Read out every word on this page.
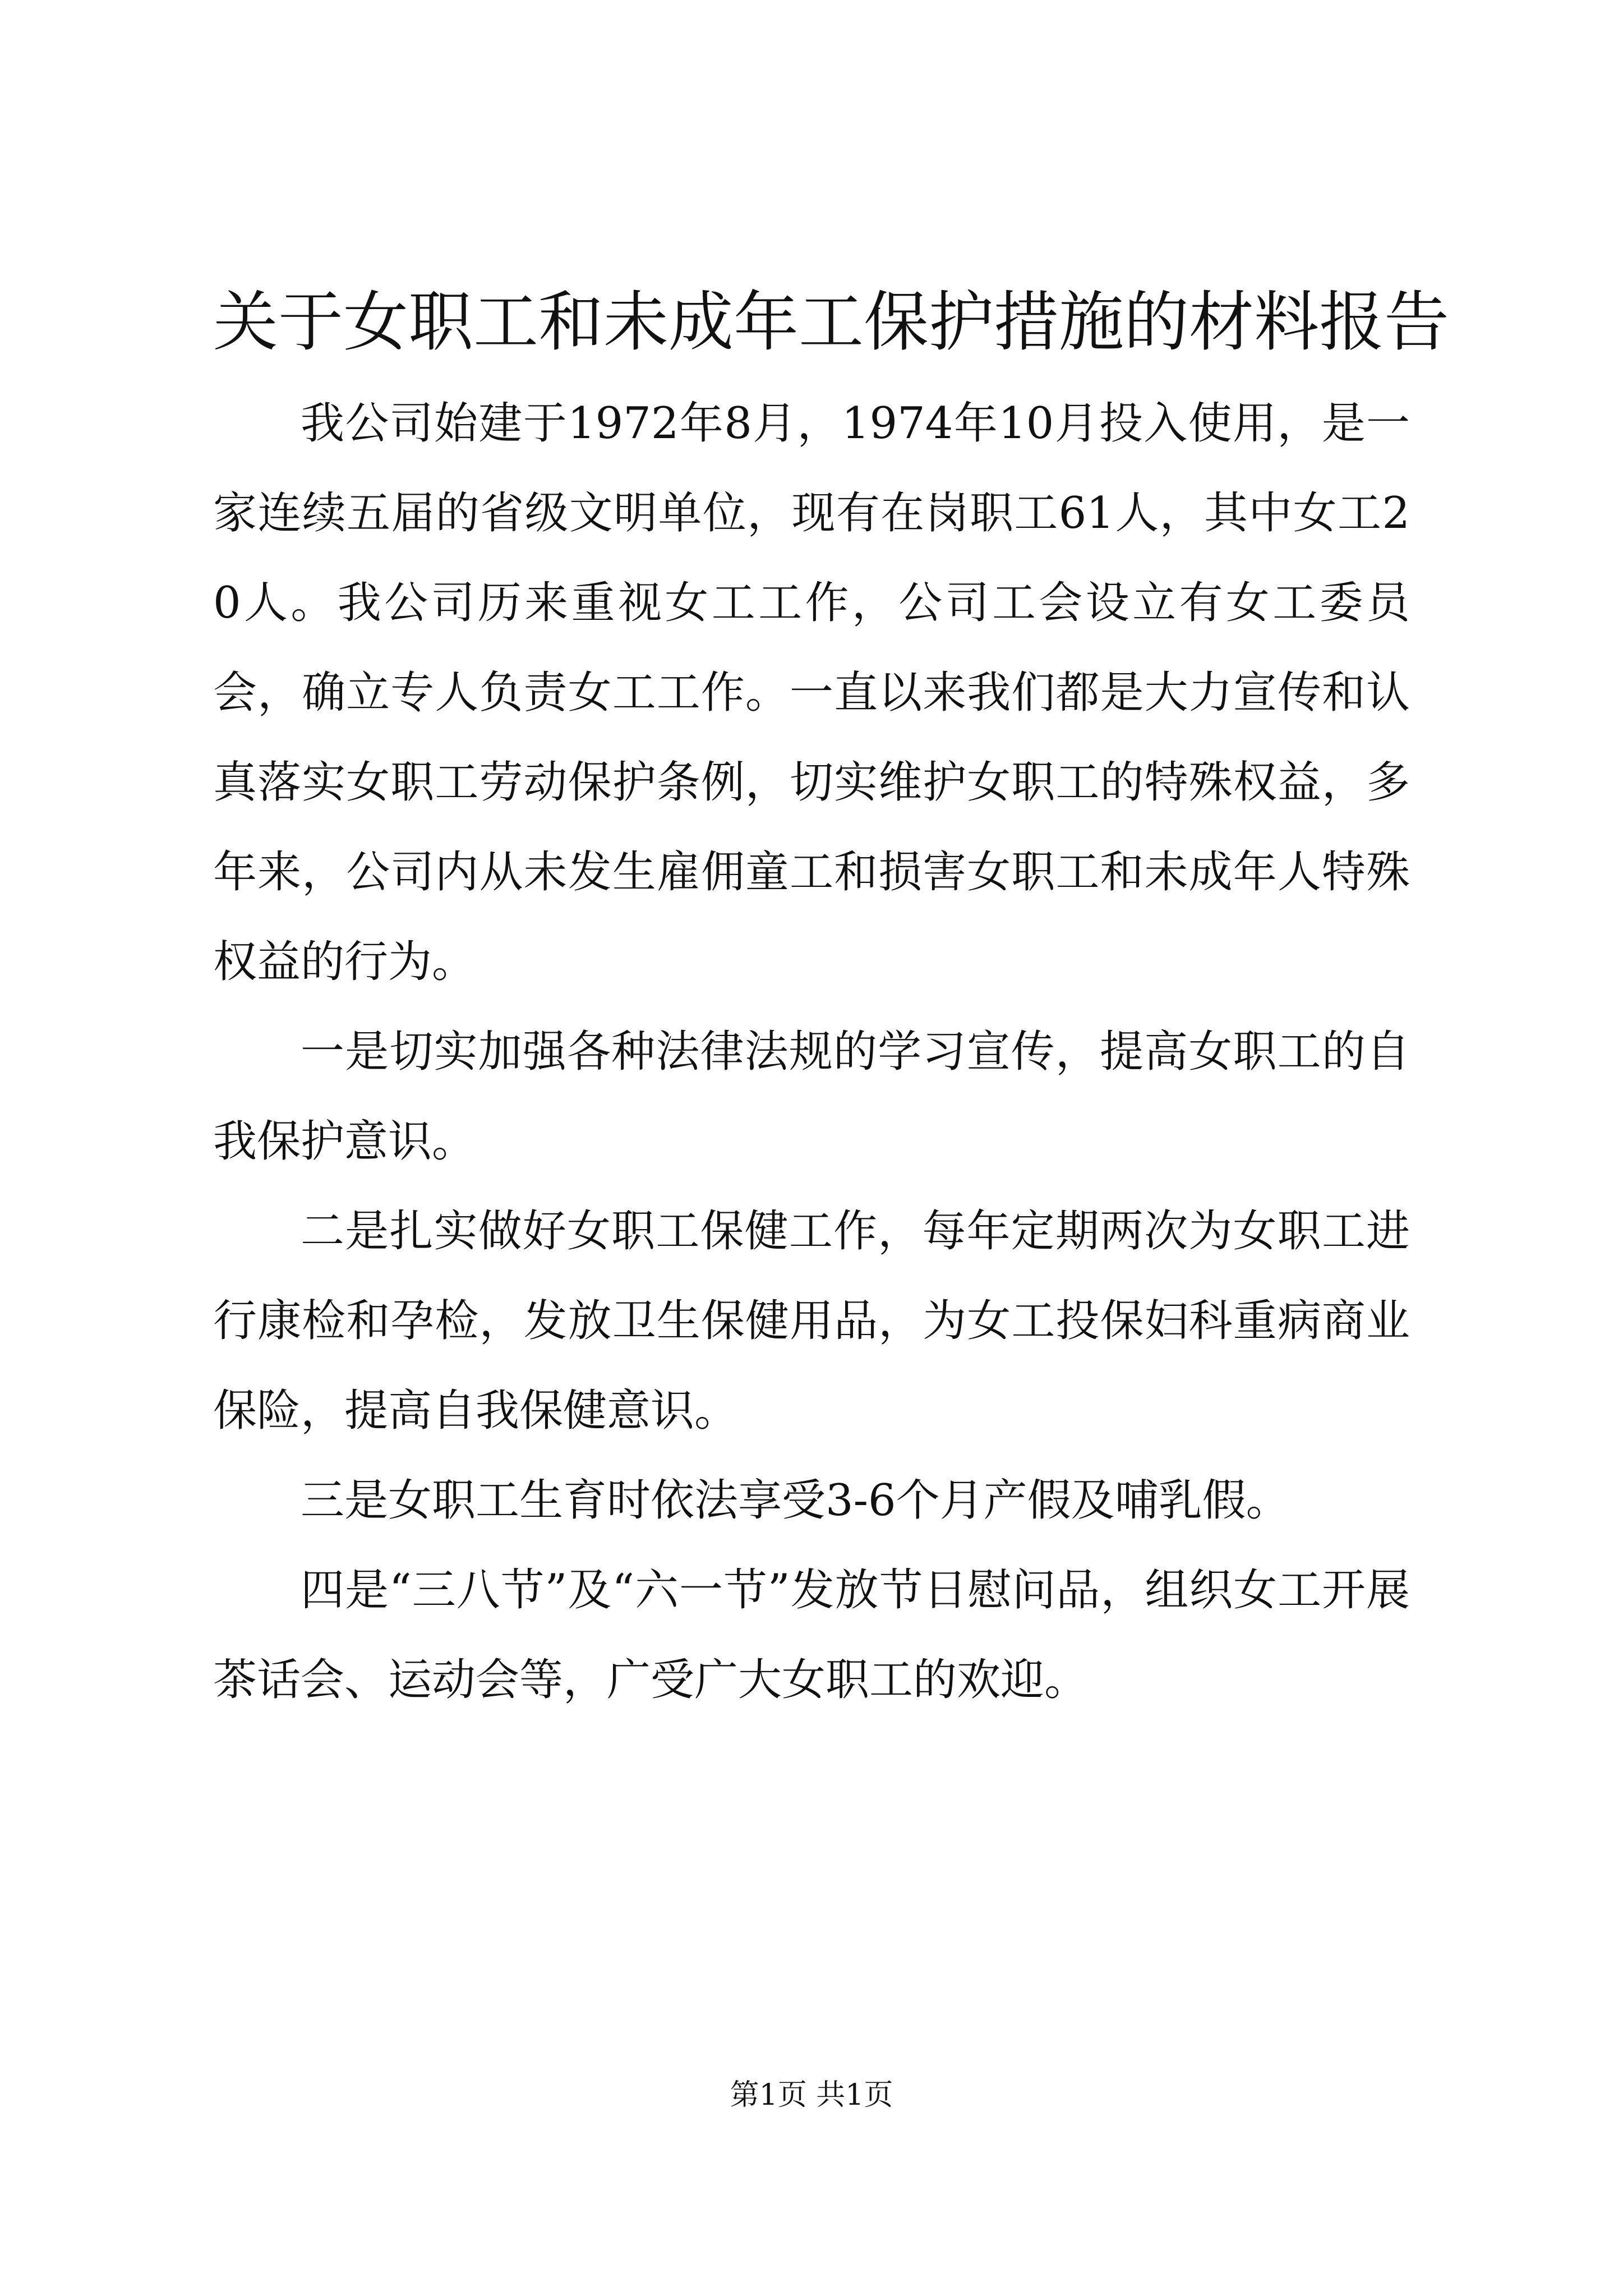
关于女职工和未成年工保护措施的材料报告

我公司始建于1972年8月，1974年10月投入使用，是一家连续五届的省级文明单位，现有在岗职工61人，其中女工20人。我公司历来重视女工工作，公司工会设立有女工委员会，确立专人负责女工工作。一直以来我们都是大力宣传和认真落实女职工劳动保护条例，切实维护女职工的特殊权益，多年来，公司内从未发生雇佣童工和损害女职工和未成年人特殊权益的行为。

一是切实加强各种法律法规的学习宣传，提高女职工的自我保护意识。

二是扎实做好女职工保健工作，每年定期两次为女职工进行康检和孕检，发放卫生保健用品，为女工投保妇科重病商业保险，提高自我保健意识。

三是女职工生育时依法享受3-6个月产假及哺乳假。

四是“三八节”及“六一节”发放节日慰问品，组织女工开展茶话会、运动会等，广受广大女职工的欢迎。

第1页 共1页
